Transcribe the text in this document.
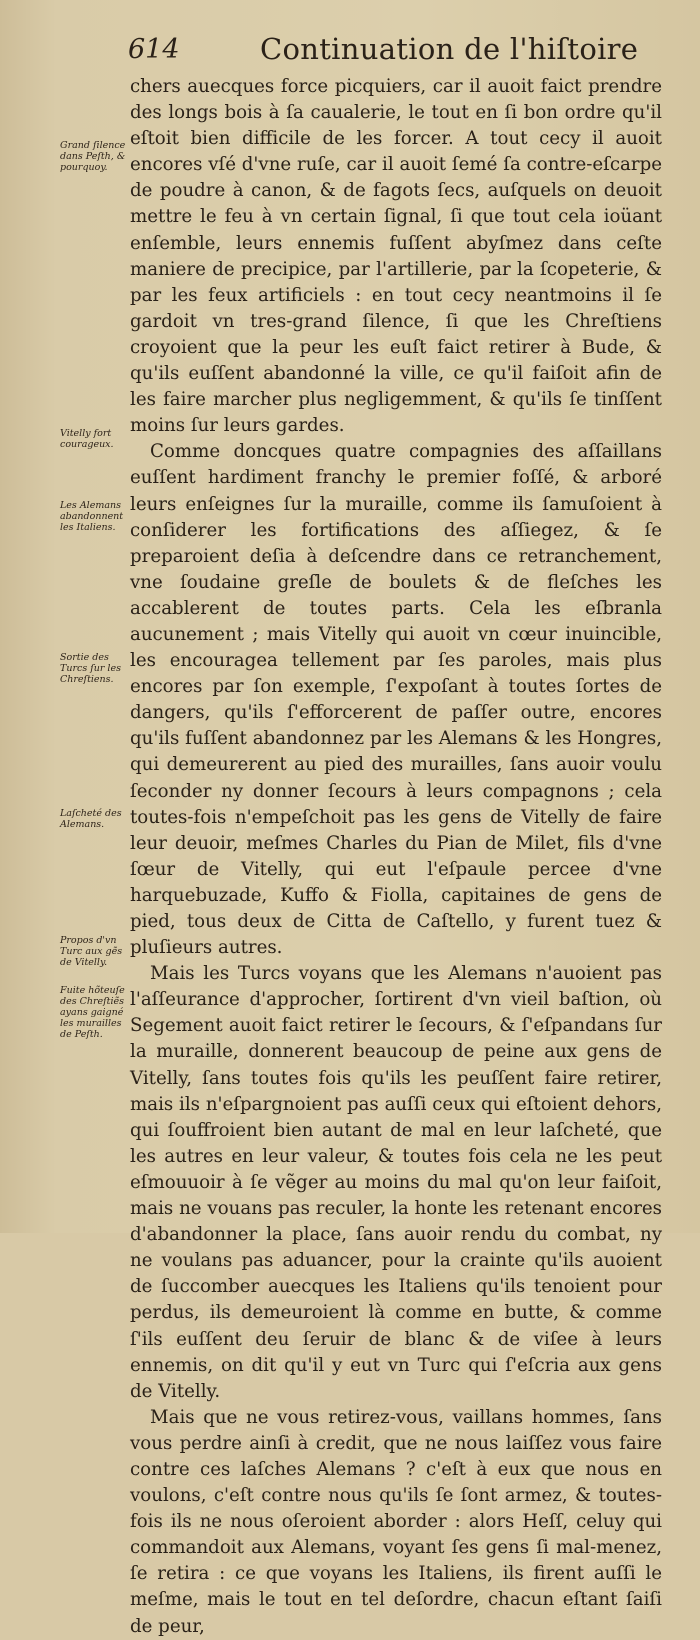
614	Continuation de l'hiſtoire
Grand ſilence dans Peſth, & pourquoy.
Vitelly fort courageux.
Les Alemans abandonnent les Italiens.
Sortie des Turcs ſur les Chreſtiens.
Laſcheté des Alemans.
Propos d'vn Turc aux gẽs de Vitelly.
Fuite hõteuſe des Chreſtiẽs ayans gaigné les murailles de Peſth.

chers auecques force picquiers, car il auoit faict prendre des longs bois à ſa caualerie, le tout en ſi bon ordre qu'il eſtoit bien difficile de les forcer. A tout cecy il auoit encores vſé d'vne ruſe, car il auoit ſemé ſa contre-eſcarpe de poudre à canon, & de fagots ſecs, auſquels on deuoit mettre le feu à vn certain ſignal, ſi que tout cela ioüant enſemble, leurs ennemis fuſſent abyſmez dans ceſte maniere de precipice, par l'artillerie, par la ſcopeterie, & par les feux artificiels : en tout cecy neantmoins il ſe gardoit vn tres-grand ſilence, ſi que les Chreſtiens croyoient que la peur les euſt faict retirer à Bude, & qu'ils euſſent abandonné la ville, ce qu'il faiſoit afin de les faire marcher plus negligemment, & qu'ils ſe tinſſent moins ſur leurs gardes.

Comme doncques quatre compagnies des aſſaillans euſſent hardiment franchy le premier foſſé, & arboré leurs enſeignes ſur la muraille, comme ils ſamuſoient à conſiderer les fortifications des aſſiegez, & ſe preparoient deſia à deſcendre dans ce retranchement, vne ſoudaine greſle de boulets & de fleſches les accablerent de toutes parts. Cela les eſbranla aucunement ; mais Vitelly qui auoit vn cœur inuincible, les encouragea tellement par ſes paroles, mais plus encores par ſon exemple, ſ'expoſant à toutes ſortes de dangers, qu'ils ſ'efforcerent de paſſer outre, encores qu'ils fuſſent abandonnez par les Alemans & les Hongres, qui demeurerent au pied des murailles, ſans auoir voulu ſeconder ny donner ſecours à leurs compagnons ; cela toutes-fois n'empeſchoit pas les gens de Vitelly de faire leur deuoir, meſmes Charles du Pian de Milet, fils d'vne ſœur de Vitelly, qui eut l'eſpaule percee d'vne harquebuzade, Kuffo & Fiolla, capitaines de gens de pied, tous deux de Citta de Caſtello, y furent tuez & pluſieurs autres.

Mais les Turcs voyans que les Alemans n'auoient pas l'aſſeurance d'approcher, ſortirent d'vn vieil baſtion, où Segement auoit faict retirer le ſecours, & ſ'eſpandans ſur la muraille, donnerent beaucoup de peine aux gens de Vitelly, ſans toutes fois qu'ils les peuſſent faire retirer, mais ils n'eſpargnoient pas auſſi ceux qui eſtoient dehors, qui ſouffroient bien autant de mal en leur laſcheté, que les autres en leur valeur, & toutes fois cela ne les peut eſmouuoir à ſe vẽger au moins du mal qu'on leur faiſoit, mais ne vouans pas reculer, la honte les retenant encores d'abandonner la place, ſans auoir rendu du combat, ny ne voulans pas aduancer, pour la crainte qu'ils auoient de ſuccomber auecques les Italiens qu'ils tenoient pour perdus, ils demeuroient là comme en butte, & comme ſ'ils euſſent deu ſeruir de blanc & de viſee à leurs ennemis, on dit qu'il y eut vn Turc qui ſ'eſcria aux gens de Vitelly.

Mais que ne vous retirez-vous, vaillans hommes, ſans vous perdre ainſi à credit, que ne nous laiſſez vous faire contre ces laſches Alemans ? c'eſt à eux que nous en voulons, c'eſt contre nous qu'ils ſe ſont armez, & toutes-fois ils ne nous oſeroient aborder : alors Heſſ, celuy qui commandoit aux Alemans, voyant ſes gens ſi mal-menez, ſe retira : ce que voyans les Italiens, ils firent auſſi le meſme, mais le tout en tel deſordre, chacun eſtant ſaiſi de peur,
